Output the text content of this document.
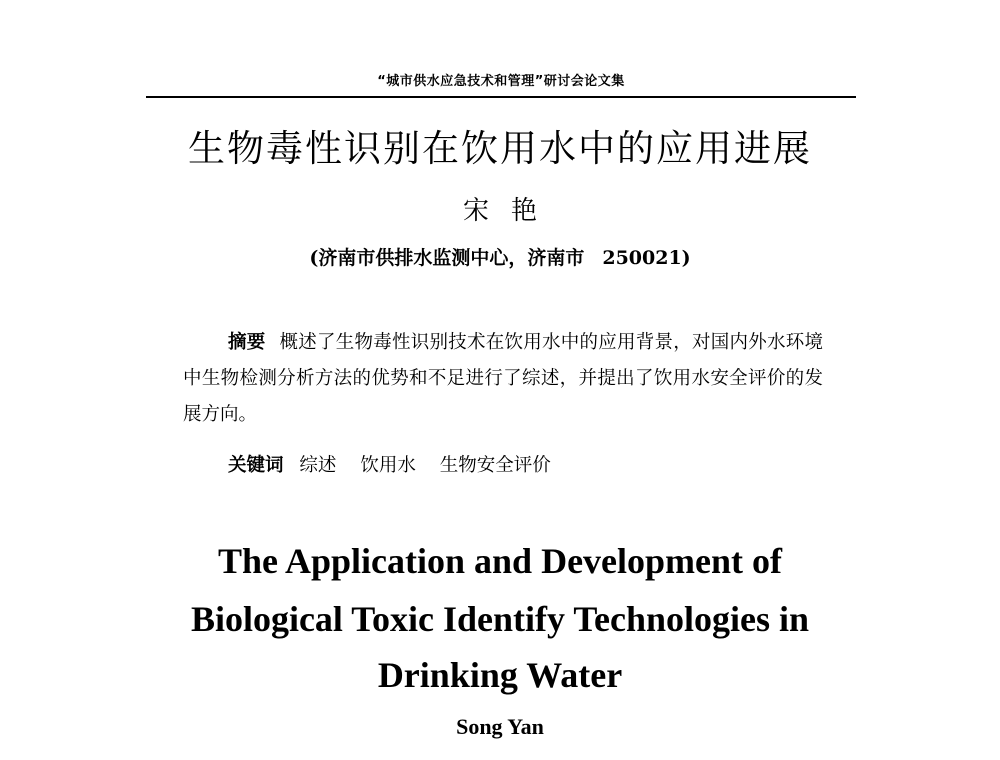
“城市供水应急技术和管理”研讨会论文集
生物毒性识别在饮用水中的应用进展
宋艳
(济南市供排水监测中心，济南市 250021)
摘要 概述了生物毒性识别技术在饮用水中的应用背景，对国内外水环境中生物检测分析方法的优势和不足进行了综述，并提出了饮用水安全评价的发展方向。
关键词 综述 饮用水 生物安全评价
The Application and Development of
Biological Toxic Identify Technologies in
Drinking Water
Song Yan
